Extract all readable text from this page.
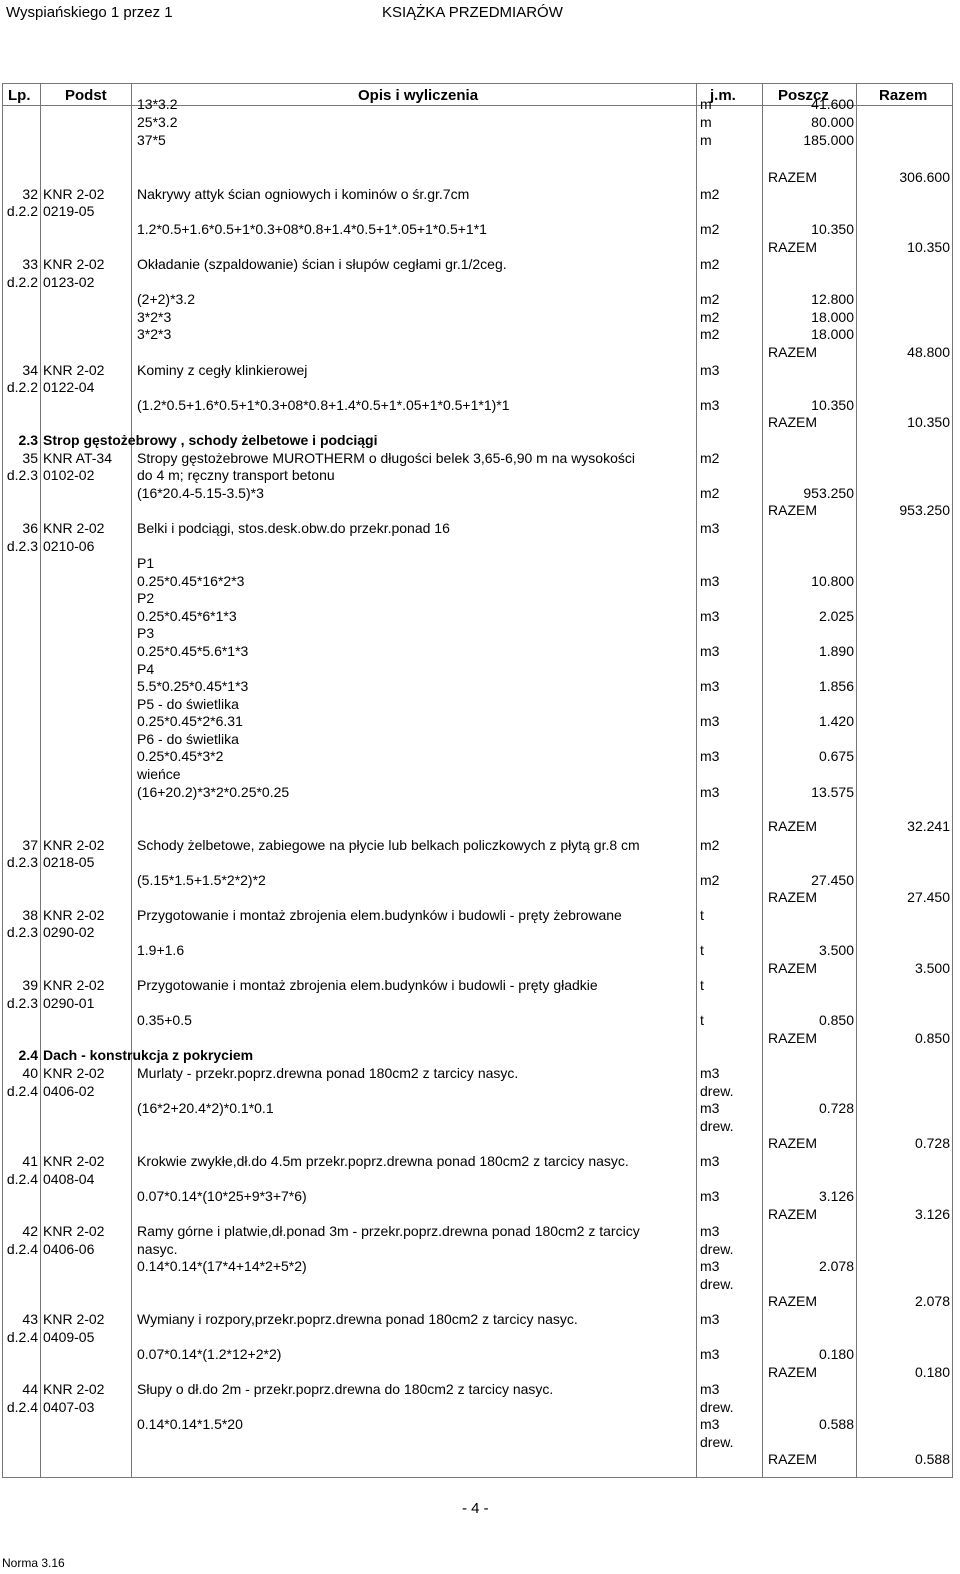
Wyspiańskiego 1 przez 1	KSIĄŻKA PRZEDMIARÓW
Lp. Podst	Opis i wyliczenia	j.m.	Poszcz	Razem
13*3.2	m	41.600
25*3.2	m	80.000
37*5	m	185.000
RAZEM	306.600
32 KNR 2-02 Nakrywy attyk ścian ogniowych i kominów o śr.gr.7cm	m2
d.2.2 0219-05
1.2*0.5+1.6*0.5+1*0.3+08*0.8+1.4*0.5+1*.05+1*0.5+1*1	m2	10.350
RAZEM	10.350
33 KNR 2-02 Okładanie (szpaldowanie) ścian i słupów cegłami gr.1/2ceg.	m2
d.2.2 0123-02
(2+2)*3.2	m2	12.800
3*2*3	m2	18.000
3*2*3	m2	18.000
RAZEM	48.800
34 KNR 2-02 Kominy z cegły klinkierowej	m3
d.2.2 0122-04
(1.2*0.5+1.6*0.5+1*0.3+08*0.8+1.4*0.5+1*.05+1*0.5+1*1)*1	m3	10.350
RAZEM	10.350
2.3 Strop gęstożebrowy , schody żelbetowe i podciągi
35 KNR AT-34 Stropy gęstożebrowe MUROTHERM o długości belek 3,65-6,90 m na wysokości	m2
d.2.3 0102-02	do 4 m; ręczny transport betonu
(16*20.4-5.15-3.5)*3	m2	953.250
RAZEM	953.250
36 KNR 2-02 Belki i podciągi, stos.desk.obw.do przekr.ponad 16	m3
d.2.3 0210-06
P1
0.25*0.45*16*2*3	m3	10.800
P2
0.25*0.45*6*1*3	m3	2.025
P3
0.25*0.45*5.6*1*3	m3	1.890
P4
5.5*0.25*0.45*1*3	m3	1.856
P5 - do świetlika
0.25*0.45*2*6.31	m3	1.420
P6 - do świetlika
0.25*0.45*3*2	m3	0.675
wieńce
(16+20.2)*3*2*0.25*0.25	m3	13.575
RAZEM	32.241
37 KNR 2-02 Schody żelbetowe, zabiegowe na płycie lub belkach policzkowych z płytą gr.8 cm	m2
d.2.3 0218-05
(5.15*1.5+1.5*2*2)*2	m2	27.450
RAZEM	27.450
38 KNR 2-02 Przygotowanie i montaż zbrojenia elem.budynków i budowli - pręty żebrowane	t
d.2.3 0290-02
1.9+1.6	t	3.500
RAZEM	3.500
39 KNR 2-02 Przygotowanie i montaż zbrojenia elem.budynków i budowli - pręty gładkie	t
d.2.3 0290-01
0.35+0.5	t	0.850
RAZEM	0.850
2.4 Dach - konstrukcja z pokryciem
40 KNR 2-02 Murlaty - przekr.poprz.drewna ponad 180cm2 z tarcicy nasyc.	m3
d.2.4 0406-02	drew.
(16*2+20.4*2)*0.1*0.1	m3	0.728
drew.
RAZEM	0.728
41 KNR 2-02 Krokwie zwykłe,dł.do 4.5m przekr.poprz.drewna ponad 180cm2 z tarcicy nasyc.	m3
d.2.4 0408-04
0.07*0.14*(10*25+9*3+7*6)	m3	3.126
RAZEM	3.126
42 KNR 2-02 Ramy górne i platwie,dł.ponad 3m - przekr.poprz.drewna ponad 180cm2 z tarcicy	m3
d.2.4 0406-06	nasyc.	drew.
0.14*0.14*(17*4+14*2+5*2)	m3	2.078
drew.
RAZEM	2.078
43 KNR 2-02 Wymiany i rozpory,przekr.poprz.drewna ponad 180cm2 z tarcicy nasyc.	m3
d.2.4 0409-05
0.07*0.14*(1.2*12+2*2)	m3	0.180
RAZEM	0.180
44 KNR 2-02 Słupy o dł.do 2m - przekr.poprz.drewna do 180cm2 z tarcicy nasyc.	m3
d.2.4 0407-03	drew.
0.14*0.14*1.5*20	m3	0.588
drew.
RAZEM	0.588
- 4 -
Norma 3.16
